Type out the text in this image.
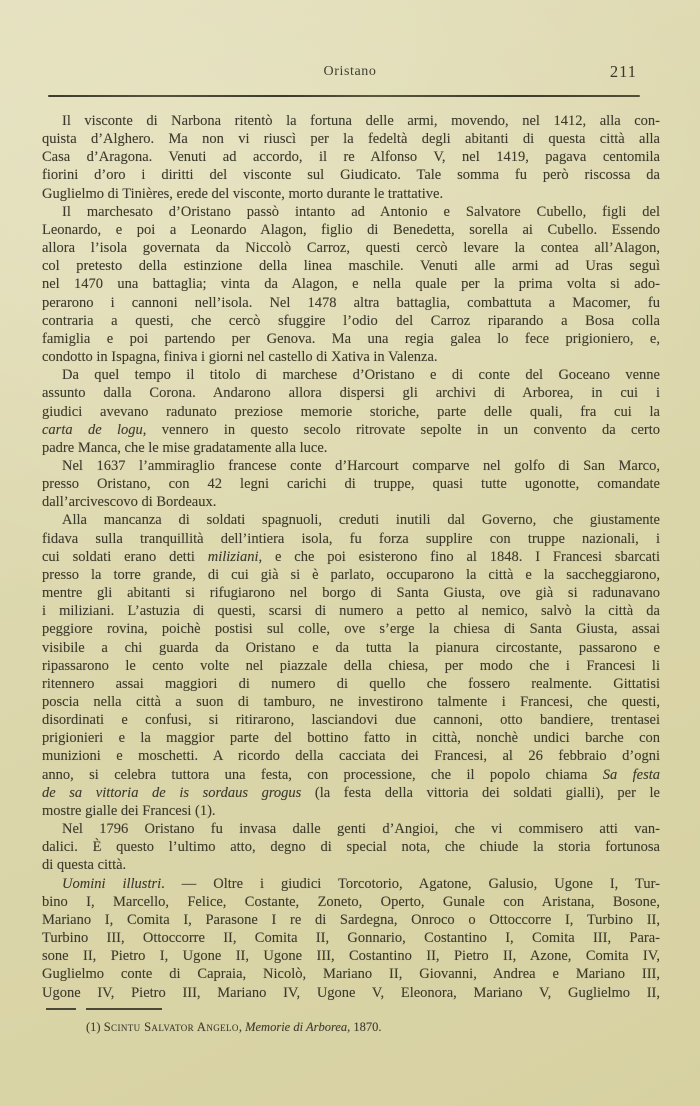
Oristano	211
Il visconte di Narbona ritentò la fortuna delle armi, movendo, nel 1412, alla con-
quista d’Alghero. Ma non vi riuscì per la fedeltà degli abitanti di questa città alla
Casa d’Aragona. Venuti ad accordo, il re Alfonso V, nel 1419, pagava centomila
fiorini d’oro i diritti del visconte sul Giudicato. Tale somma fu però riscossa da
Guglielmo di Tinières, erede del visconte, morto durante le trattative.
Il marchesato d’Oristano passò intanto ad Antonio e Salvatore Cubello, figli del
Leonardo, e poi a Leonardo Alagon, figlio di Benedetta, sorella ai Cubello. Essendo
allora l’isola governata da Niccolò Carroz, questi cercò levare la contea all’Alagon,
col pretesto della estinzione della linea maschile. Venuti alle armi ad Uras seguì
nel 1470 una battaglia; vinta da Alagon, e nella quale per la prima volta si ado-
perarono i cannoni nell’isola. Nel 1478 altra battaglia, combattuta a Macomer, fu
contraria a questi, che cercò sfuggire l’odio del Carroz riparando a Bosa colla
famiglia e poi partendo per Genova. Ma una regia galea lo fece prigioniero, e,
condotto in Ispagna, finiva i giorni nel castello di Xativa in Valenza.
Da quel tempo il titolo di marchese d’Oristano e di conte del Goceano venne
assunto dalla Corona. Andarono allora dispersi gli archivi di Arborea, in cui i
giudici avevano radunato preziose memorie storiche, parte delle quali, fra cui la
carta de logu, vennero in questo secolo ritrovate sepolte in un convento da certo
padre Manca, che le mise gradatamente alla luce.
Nel 1637 l’ammiraglio francese conte d’Harcourt comparve nel golfo di San Marco,
presso Oristano, con 42 legni carichi di truppe, quasi tutte ugonotte, comandate
dall’arcivescovo di Bordeaux.
Alla mancanza di soldati spagnuoli, creduti inutili dal Governo, che giustamente
fidava sulla tranquillità dell’intiera isola, fu forza supplire con truppe nazionali, i
cui soldati erano detti miliziani, e che poi esisterono fino al 1848. I Francesi sbarcati
presso la torre grande, di cui già si è parlato, occuparono la città e la saccheggiarono,
mentre gli abitanti si rifugiarono nel borgo di Santa Giusta, ove già si radunavano
i miliziani. L’astuzia di questi, scarsi di numero a petto al nemico, salvò la città da
peggiore rovina, poichè postisi sul colle, ove s’erge la chiesa di Santa Giusta, assai
visibile a chi guarda da Oristano e da tutta la pianura circostante, passarono e
ripassarono le cento volte nel piazzale della chiesa, per modo che i Francesi li
ritennero assai maggiori di numero di quello che fossero realmente. Gittatisi
poscia nella città a suon di tamburo, ne investirono talmente i Francesi, che questi,
disordinati e confusi, si ritirarono, lasciandovi due cannoni, otto bandiere, trentasei
prigionieri e la maggior parte del bottino fatto in città, nonchè undici barche con
munizioni e moschetti. A ricordo della cacciata dei Francesi, al 26 febbraio d’ogni
anno, si celebra tuttora una festa, con processione, che il popolo chiama Sa festa
de sa vittoria de is sordaus grogus (la festa della vittoria dei soldati gialli), per le
mostre gialle dei Francesi (1).
Nel 1796 Oristano fu invasa dalle genti d’Angioi, che vi commisero atti van-
dalici. È questo l’ultimo atto, degno di special nota, che chiude la storia fortunosa
di questa città.
Uomini illustri. — Oltre i giudici Torcotorio, Agatone, Galusio, Ugone I, Tur-
bino I, Marcello, Felice, Costante, Zoneto, Operto, Gunale con Aristana, Bosone,
Mariano I, Comita I, Parasone I re di Sardegna, Onroco o Ottoccorre I, Turbino II,
Turbino III, Ottoccorre II, Comita II, Gonnario, Costantino I, Comita III, Para-
sone II, Pietro I, Ugone II, Ugone III, Costantino II, Pietro II, Azone, Comita IV,
Guglielmo conte di Capraia, Nicolò, Mariano II, Giovanni, Andrea e Mariano III,
Ugone IV, Pietro III, Mariano IV, Ugone V, Eleonora, Mariano V, Guglielmo II,
(1) Scintu Salvator Angelo, Memorie di Arborea, 1870.
